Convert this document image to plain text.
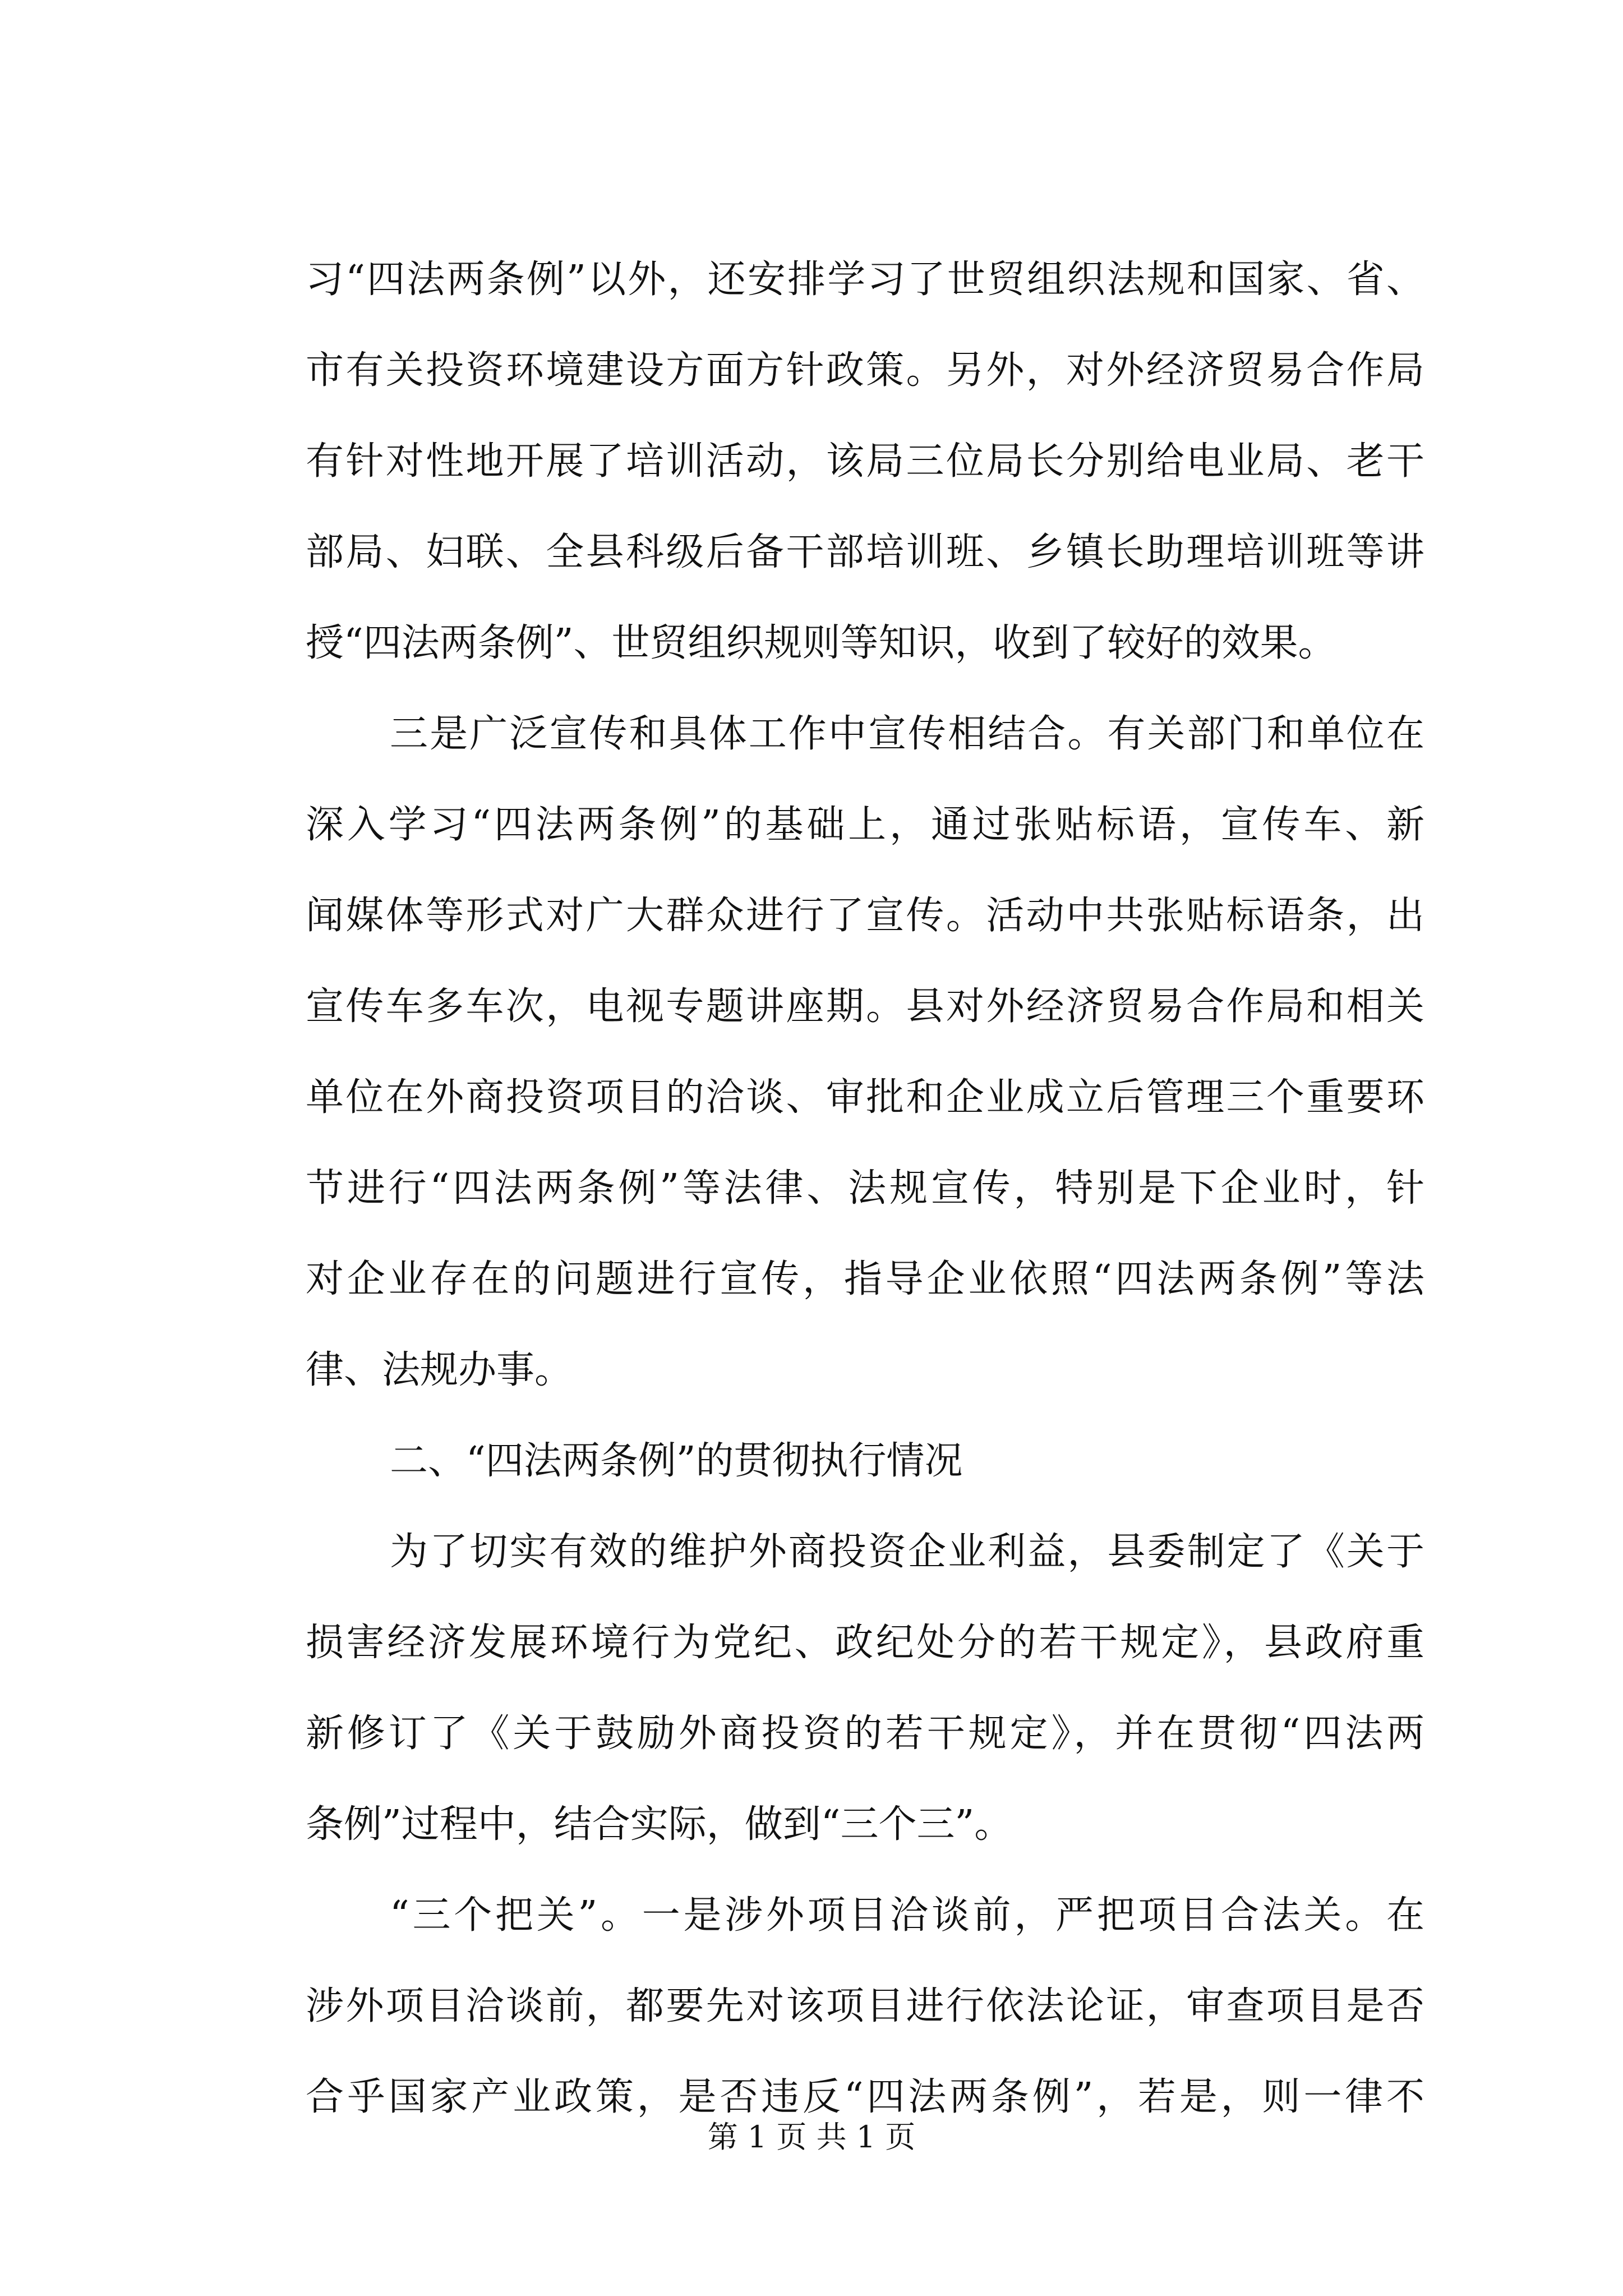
习“四法两条例”以外，还安排学习了世贸组织法规和国家、省、
市有关投资环境建设方面方针政策。另外，对外经济贸易合作局
有针对性地开展了培训活动，该局三位局长分别给电业局、老干
部局、妇联、全县科级后备干部培训班、乡镇长助理培训班等讲
授“四法两条例”、世贸组织规则等知识，收到了较好的效果。
三是广泛宣传和具体工作中宣传相结合。有关部门和单位在
深入学习“四法两条例”的基础上，通过张贴标语，宣传车、新
闻媒体等形式对广大群众进行了宣传。活动中共张贴标语条，出
宣传车多车次，电视专题讲座期。县对外经济贸易合作局和相关
单位在外商投资项目的洽谈、审批和企业成立后管理三个重要环
节进行“四法两条例”等法律、法规宣传，特别是下企业时，针
对企业存在的问题进行宣传，指导企业依照“四法两条例”等法
律、法规办事。
二、“四法两条例”的贯彻执行情况
为了切实有效的维护外商投资企业利益，县委制定了《关于
损害经济发展环境行为党纪、政纪处分的若干规定》，县政府重
新修订了《关于鼓励外商投资的若干规定》，并在贯彻“四法两
条例”过程中，结合实际，做到“三个三”。
“三个把关”。一是涉外项目洽谈前，严把项目合法关。在
涉外项目洽谈前，都要先对该项目进行依法论证，审查项目是否
合乎国家产业政策，是否违反“四法两条例”，若是，则一律不
第 1 页 共 1 页
